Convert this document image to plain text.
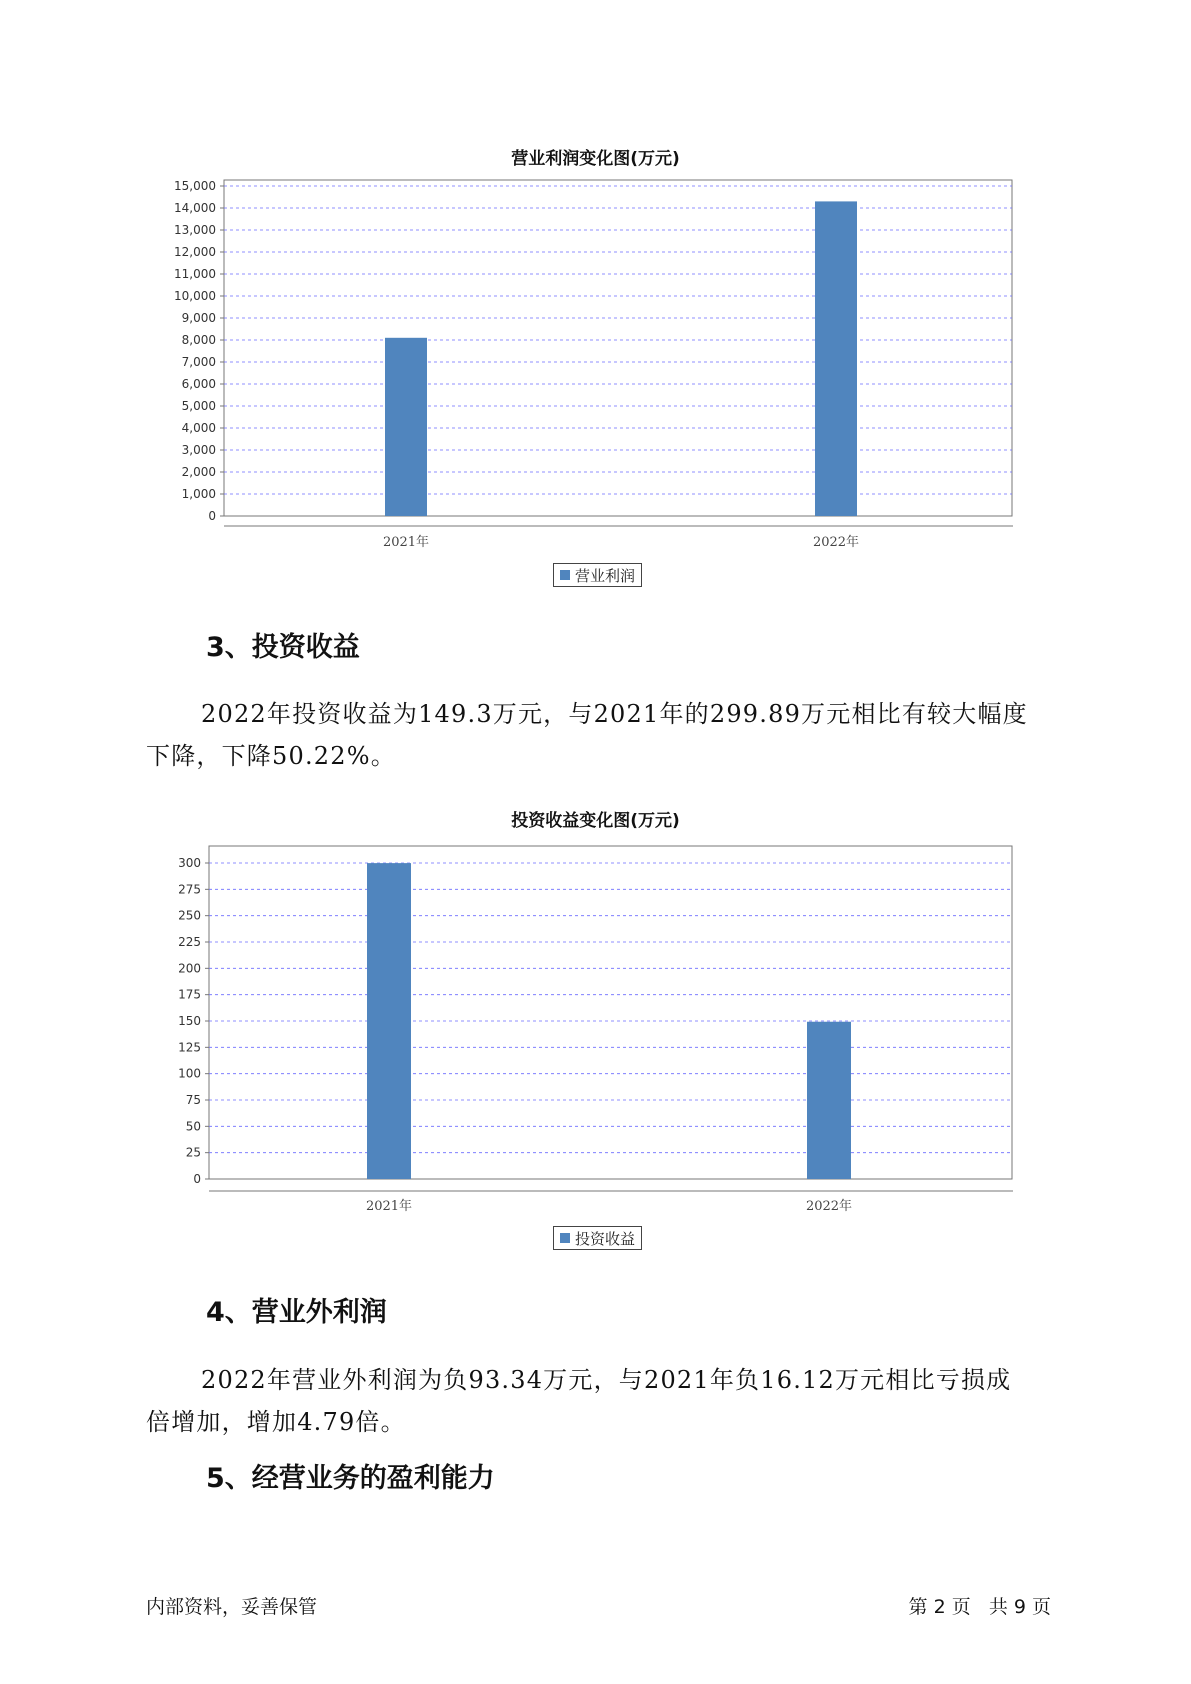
营业利润变化图(万元)
0
1,000
2,000
3,000
4,000
5,000
6,000
7,000
8,000
9,000
10,000
11,000
12,000
13,000
14,000
15,000
2021年	2022年
营业利润
3、投资收益
2022年投资收益为149.3万元，与2021年的299.89万元相比有较大幅度
下降，下降50.22%。
投资收益变化图(万元)
0
25
50
75
100
125
150
175
200
225
250
275
300
2021年	2022年
投资收益
4、营业外利润
2022年营业外利润为负93.34万元，与2021年负16.12万元相比亏损成
倍增加，增加4.79倍。
5、经营业务的盈利能力
内部资料，妥善保管	第 2 页   共 9 页
